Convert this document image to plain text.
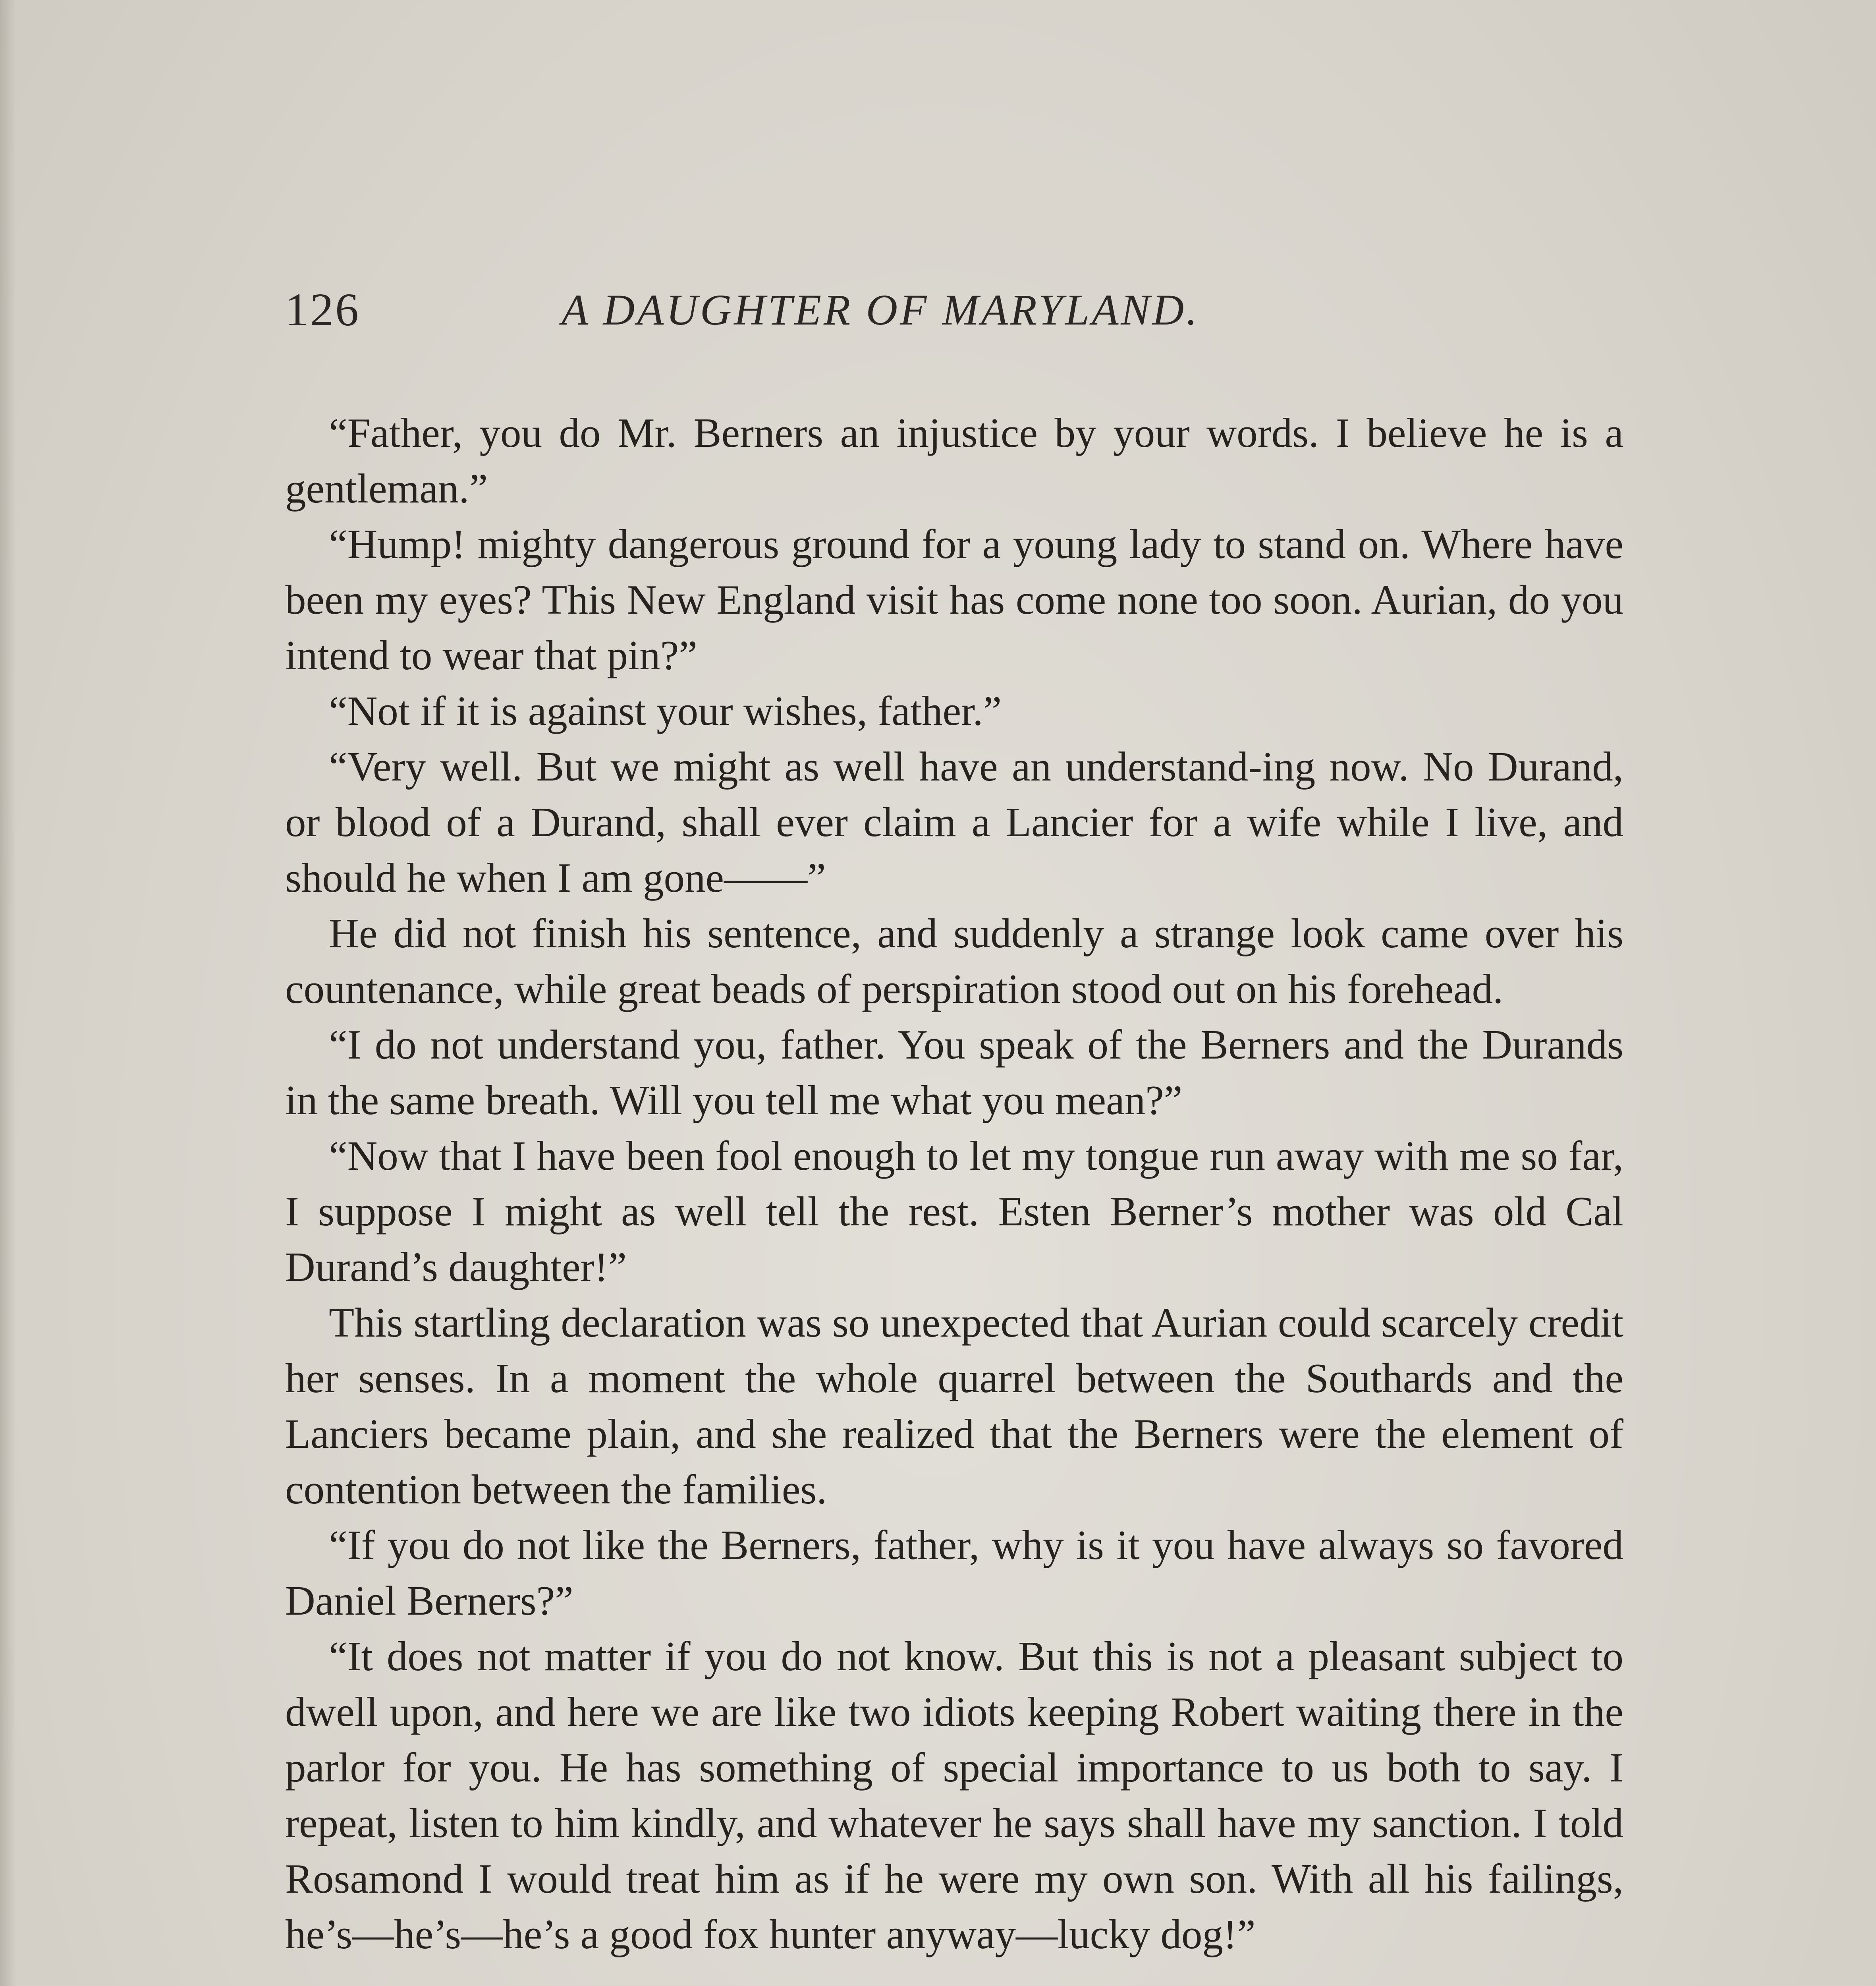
126	A DAUGHTER OF MARYLAND.

“Father, you do Mr. Berners an injustice by your words. I believe he is a gentleman.”

“Hump! mighty dangerous ground for a young lady to stand on. Where have been my eyes? This New England visit has come none too soon. Aurian, do you intend to wear that pin?”

“Not if it is against your wishes, father.”

“Very well. But we might as well have an understand-ing now. No Durand, or blood of a Durand, shall ever claim a Lancier for a wife while I live, and should he when I am gone——”

He did not finish his sentence, and suddenly a strange look came over his countenance, while great beads of perspiration stood out on his forehead.

“I do not understand you, father. You speak of the Berners and the Durands in the same breath. Will you tell me what you mean?”

“Now that I have been fool enough to let my tongue run away with me so far, I suppose I might as well tell the rest. Esten Berner’s mother was old Cal Durand’s daughter!”

This startling declaration was so unexpected that Aurian could scarcely credit her senses. In a moment the whole quarrel between the Southards and the Lanciers became plain, and she realized that the Berners were the element of contention between the families.

“If you do not like the Berners, father, why is it you have always so favored Daniel Berners?”

“It does not matter if you do not know. But this is not a pleasant subject to dwell upon, and here we are like two idiots keeping Robert waiting there in the parlor for you. He has something of special importance to us both to say. I repeat, listen to him kindly, and whatever he says shall have my sanction. I told Rosamond I would treat him as if he were my own son. With all his failings, he’s—he’s—he’s a good fox hunter anyway—lucky dog!”
